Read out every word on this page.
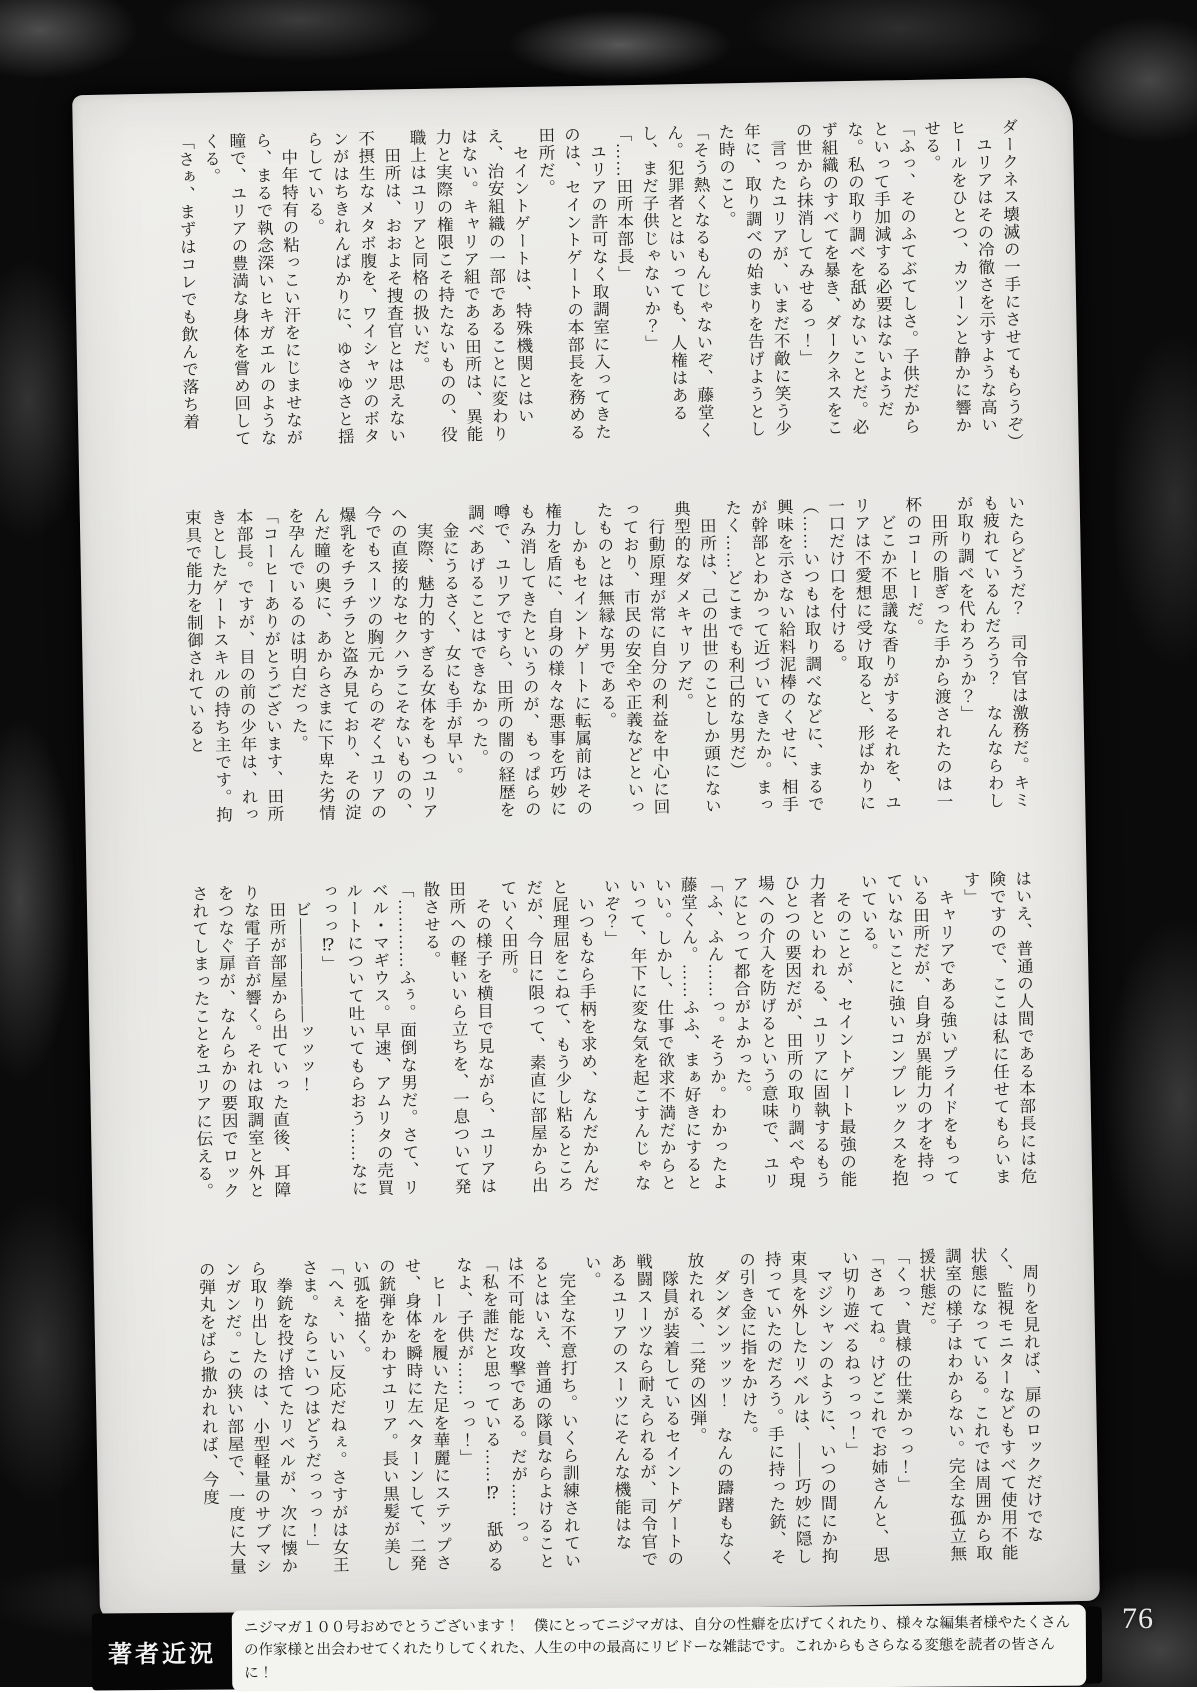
ダークネス壊滅の一手にさせてもらうぞ）

　ユリアはその冷徹さを示すような高いヒールをひとつ、カツーンと静かに響かせる。

「ふっ、そのふてぶてしさ。子供だからといって手加減する必要はないようだな。私の取り調べを舐めないことだ。必ず組織のすべてを暴き、ダークネスをこの世から抹消してみせるっ！」

　言ったユリアが、いまだ不敵に笑う少年に、取り調べの始まりを告げようとした時のこと。

「そう熱くなるもんじゃないぞ、藤堂くん。犯罪者とはいっても、人権はあるし、まだ子供じゃないか？」

「……田所本部長」

　ユリアの許可なく取調室に入ってきたのは、セイントゲートの本部長を務める田所だ。

　セイントゲートは、特殊機関とはいえ、治安組織の一部であることに変わりはない。キャリア組である田所は、異能力と実際の権限こそ持たないものの、役職上はユリアと同格の扱いだ。

　田所は、おおよそ捜査官とは思えない不摂生なメタボ腹を、ワイシャツのボタンがはちきれんばかりに、ゆさゆさと揺らしている。

　中年特有の粘っこい汗をにじませながら、まるで執念深いヒキガエルのような瞳で、ユリアの豊満な身体を嘗め回してくる。

「さぁ、まずはコレでも飲んで落ち着

いたらどうだ？　司令官は激務だ。キミも疲れているんだろう？　なんならわしが取り調べを代わろうか？」

　田所の脂ぎった手から渡されたのは一杯のコーヒーだ。

　どこか不思議な香りがするそれを、ユリアは不愛想に受け取ると、形ばかりに一口だけ口を付ける。

（……いつもは取り調べなどに、まるで興味を示さない給料泥棒のくせに、相手が幹部とわかって近づいてきたか。まったく……どこまでも利己的な男だ）

　田所は、己の出世のことしか頭にない典型的なダメキャリアだ。

　行動原理が常に自分の利益を中心に回っており、市民の安全や正義などといったものとは無縁な男である。

　しかもセイントゲートに転属前はその権力を盾に、自身の様々な悪事を巧妙にもみ消してきたというのが、もっぱらの噂で、ユリアですら、田所の闇の経歴を調べあげることはできなかった。

　金にうるさく、女にも手が早い。

　実際、魅力的すぎる女体をもつユリアへの直接的なセクハラこそないものの、今でもスーツの胸元からのぞくユリアの爆乳をチラチラと盗み見ており、その淀んだ瞳の奥に、あからさまに下卑た劣情を孕んでいるのは明白だった。

「コーヒーありがとうございます、田所本部長。ですが、目の前の少年は、れっきとしたゲートスキルの持ち主です。拘束具で能力を制御されていると

はいえ、普通の人間である本部長には危険ですので、ここは私に任せてもらいます」

　キャリアである強いプライドをもっている田所だが、自身が異能力の才を持っていないことに強いコンプレックスを抱いている。

　そのことが、セイントゲート最強の能力者といわれる、ユリアに固執するもうひとつの要因だが、田所の取り調べや現場への介入を防げるという意味で、ユリアにとって都合がよかった。

「ふ、ふん……っ。そうか。わかったよ藤堂くん。……ふふ、まぁ好きにするといい。しかし、仕事で欲求不満だからといって、年下に変な気を起こすんじゃないぞ？」

　いつもなら手柄を求め、なんだかんだと屁理屈をこねて、もう少し粘るところだが、今日に限って、素直に部屋から出ていく田所。

　その様子を横目で見ながら、ユリアは田所への軽いいら立ちを、一息ついて発散させる。

「…………ふぅ。面倒な男だ。さて、リベル・マギウス。早速、アムリタの売買ルートについて吐いてもらおう……なにっっっ⁉」

　ビ――――――ッッッ！

　田所が部屋から出ていった直後、耳障りな電子音が響く。それは取調室と外とをつなぐ扉が、なんらかの要因でロックされてしまったことをユリアに伝える。

　周りを見れば、扉のロックだけでなく、監視モニターなどもすべて使用不能状態になっている。これでは周囲から取調室の様子はわからない。完全な孤立無援状態だ。

「くっ、貴様の仕業かっっ！」

「さぁてね。けどこれでお姉さんと、思い切り遊べるねっっっ！」

　マジシャンのように、いつの間にか拘束具を外したリベルは、――巧妙に隠し持っていたのだろう。手に持った銃、その引き金に指をかけた。

　ダンダンッッッ！　なんの躊躇もなく放たれる、二発の凶弾。

　隊員が装着しているセイントゲートの戦闘スーツなら耐えられるが、司令官であるユリアのスーツにそんな機能はない。

　完全な不意打ち。いくら訓練されているとはいえ、普通の隊員ならよけることは不可能な攻撃である。だが……っ。

「私を誰だと思っている……⁉　舐めるなよ、子供が……っっ！」

　ヒールを履いた足を華麗にステップさせ、身体を瞬時に左へターンして、二発の銃弾をかわすユリア。長い黒髪が美しい弧を描く。

「へぇ、いい反応だねぇ。さすがは女王さま。ならこいつはどうだっっっ！」

　拳銃を投げ捨てたリベルが、次に懐から取り出したのは、小型軽量のサブマシンガンだ。この狭い部屋で、一度に大量の弾丸をばら撒かれれば、今度

76
著者近況
ニジマガ１００号おめでとうございます！　僕にとってニジマガは、自分の性癖を広げてくれたり、様々な編集者様やたくさんの作家様と出会わせてくれたりしてくれた、人生の中の最高にリビドーな雑誌です。これからもさらなる変態を読者の皆さんに！
